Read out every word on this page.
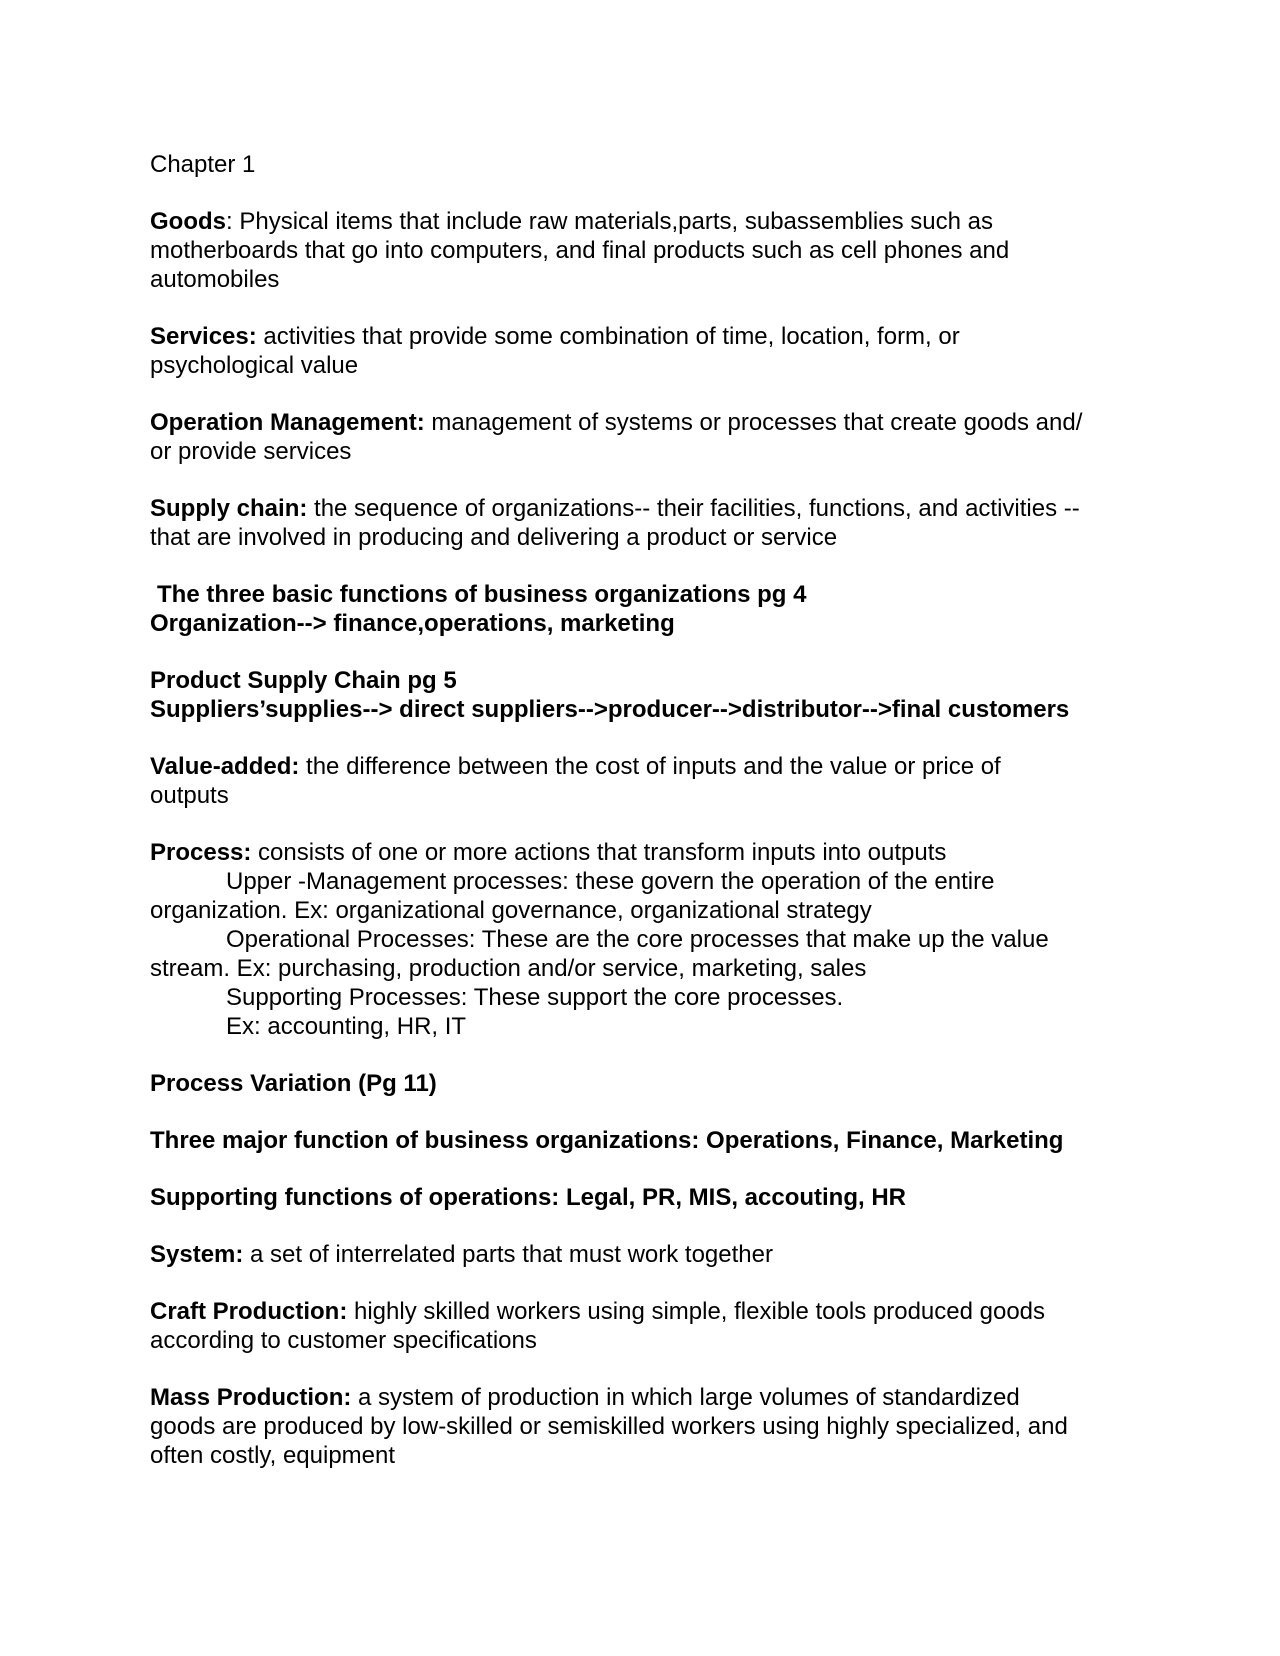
Chapter 1

Goods: Physical items that include raw materials,parts, subassemblies such as
motherboards that go into computers, and final products such as cell phones and
automobiles

Services: activities that provide some combination of time, location, form, or
psychological value

Operation Management: management of systems or processes that create goods and/
or provide services

Supply chain: the sequence of organizations-- their facilities, functions, and activities --
that are involved in producing and delivering a product or service

The three basic functions of business organizations pg 4
Organization--> finance,operations, marketing

Product Supply Chain pg 5
Suppliers’supplies--> direct suppliers-->producer-->distributor-->final customers

Value-added: the difference between the cost of inputs and the value or price of
outputs

Process: consists of one or more actions that transform inputs into outputs
Upper -Management processes: these govern the operation of the entire
organization. Ex: organizational governance, organizational strategy
Operational Processes: These are the core processes that make up the value
stream. Ex: purchasing, production and/or service, marketing, sales
Supporting Processes: These support the core processes.
Ex: accounting, HR, IT

Process Variation (Pg 11)

Three major function of business organizations: Operations, Finance, Marketing

Supporting functions of operations: Legal, PR, MIS, accouting, HR

System: a set of interrelated parts that must work together

Craft Production: highly skilled workers using simple, flexible tools produced goods
according to customer specifications

Mass Production: a system of production in which large volumes of standardized
goods are produced by low-skilled or semiskilled workers using highly specialized, and
often costly, equipment
